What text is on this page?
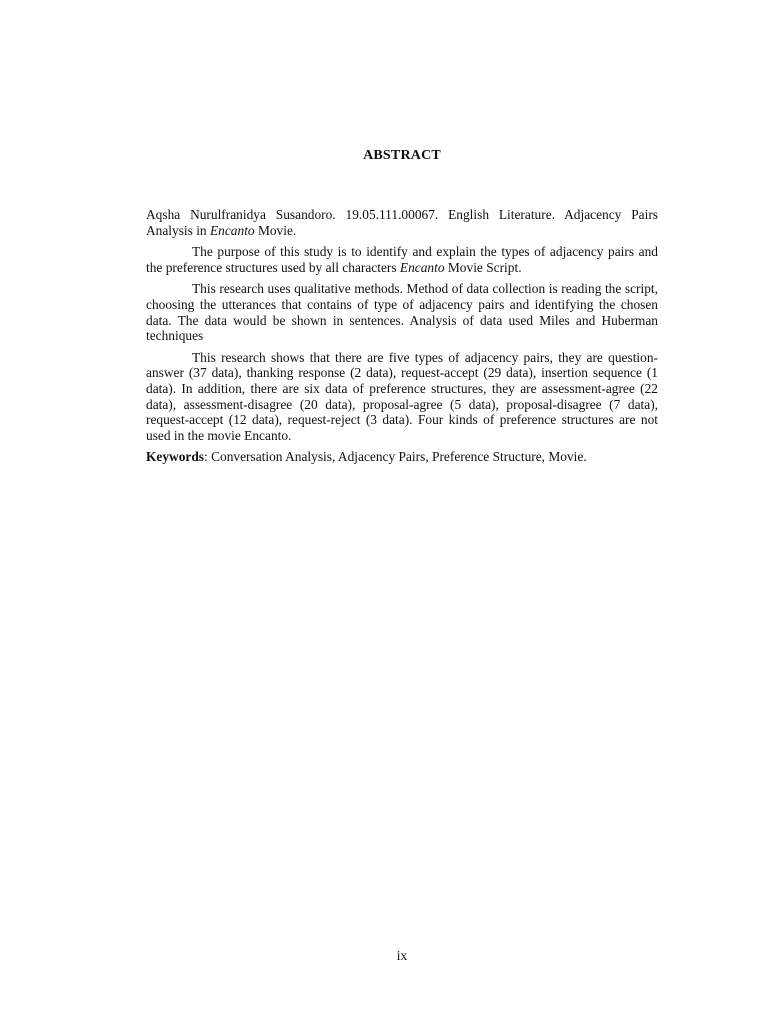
ABSTRACT

Aqsha Nurulfranidya Susandoro. 19.05.111.00067. English Literature. Adjacency Pairs Analysis in Encanto Movie.

The purpose of this study is to identify and explain the types of adjacency pairs and the preference structures used by all characters Encanto Movie Script.

This research uses qualitative methods. Method of data collection is reading the script, choosing the utterances that contains of type of adjacency pairs and identifying the chosen data. The data would be shown in sentences. Analysis of data used Miles and Huberman techniques

This research shows that there are five types of adjacency pairs, they are question-answer (37 data), thanking response (2 data), request-accept (29 data), insertion sequence (1 data). In addition, there are six data of preference structures, they are assessment-agree (22 data), assessment-disagree (20 data), proposal-agree (5 data), proposal-disagree (7 data), request-accept (12 data), request-reject (3 data). Four kinds of preference structures are not used in the movie Encanto.

Keywords: Conversation Analysis, Adjacency Pairs, Preference Structure, Movie.

ix
